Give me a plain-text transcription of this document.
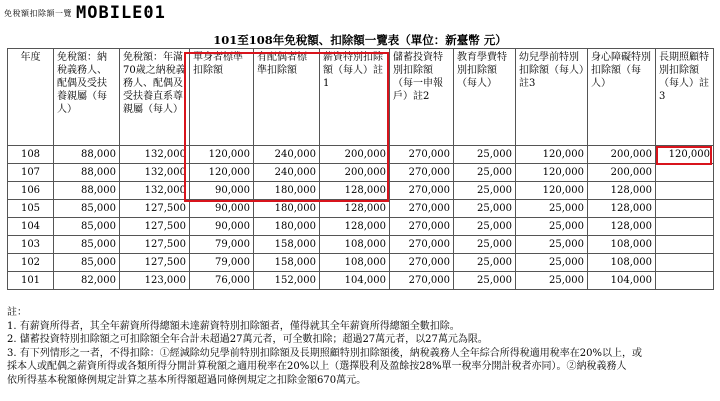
免稅額扣除額一覽 MOBILE01
101至108年免稅額、扣除額一覽表（單位：新臺幣 元）
年度	免稅額：納稅義務人、配偶及受扶養親屬（每人）	免稅額：年滿70歲之納稅義務人、配偶及受扶養直系尊親屬（每人）	單身者標準扣除額	有配偶者標準扣除額	薪資特別扣除額（每人）註1	儲蓄投資特別扣除額（每一申報戶）註2	教育學費特別扣除額（每人）	幼兒學前特別扣除額（每人）註3	身心障礙特別扣除額（每人）	長期照顧特別扣除額（每人）註3
108	88,000	132,000	120,000	240,000	200,000	270,000	25,000	120,000	200,000	120,000
107	88,000	132,000	120,000	240,000	200,000	270,000	25,000	120,000	200,000	
106	88,000	132,000	90,000	180,000	128,000	270,000	25,000	120,000	128,000	
105	85,000	127,500	90,000	180,000	128,000	270,000	25,000	25,000	128,000	
104	85,000	127,500	90,000	180,000	128,000	270,000	25,000	25,000	128,000	
103	85,000	127,500	79,000	158,000	108,000	270,000	25,000	25,000	108,000	
102	85,000	127,500	79,000	158,000	108,000	270,000	25,000	25,000	108,000	
101	82,000	123,000	76,000	152,000	104,000	270,000	25,000	25,000	104,000	
註：
1. 有薪資所得者，其全年薪資所得總額未達薪資特別扣除額者，僅得就其全年薪資所得總額全數扣除。
2. 儲蓄投資特別扣除額之可扣除額全年合計未超過27萬元者，可全數扣除；超過27萬元者，以27萬元為限。
3. 有下列情形之一者，不得扣除：①經減除幼兒學前特別扣除額及長期照顧特別扣除額後，納稅義務人全年綜合所得稅適用稅率在20%以上，或
採本人或配偶之薪資所得或各類所得分開計算稅額之適用稅率在20%以上（選擇股利及盈餘按28%單一稅率分開計稅者亦同）。②納稅義務人
依所得基本稅額條例規定計算之基本所得額超過同條例規定之扣除金額670萬元。
